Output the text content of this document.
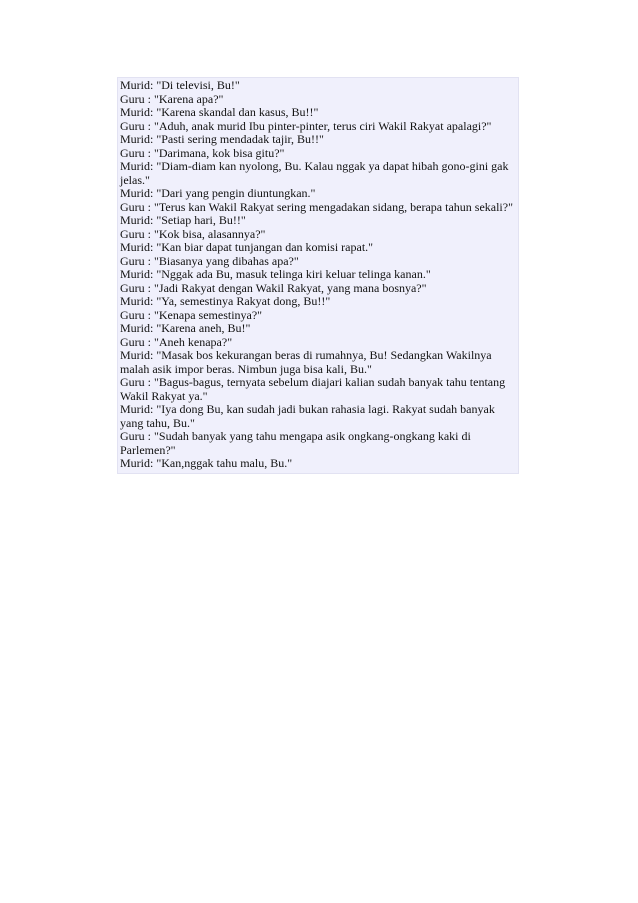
Murid: "Di televisi, Bu!"

Guru : "Karena apa?"

Murid: "Karena skandal dan kasus, Bu!!"

Guru : "Aduh, anak murid Ibu pinter-pinter, terus ciri Wakil Rakyat apalagi?"

Murid: "Pasti sering mendadak tajir, Bu!!"

Guru : "Darimana, kok bisa gitu?"

Murid: "Diam-diam kan nyolong, Bu. Kalau nggak ya dapat hibah gono-gini gak jelas."

Murid: "Dari yang pengin diuntungkan."

Guru : "Terus kan Wakil Rakyat sering mengadakan sidang, berapa tahun sekali?"

Murid: "Setiap hari, Bu!!"

Guru : "Kok bisa, alasannya?"

Murid: "Kan biar dapat tunjangan dan komisi rapat."

Guru : "Biasanya yang dibahas apa?"

Murid: "Nggak ada Bu, masuk telinga kiri keluar telinga kanan."

Guru : "Jadi Rakyat dengan Wakil Rakyat, yang mana bosnya?"

Murid: "Ya, semestinya Rakyat dong, Bu!!"

Guru : "Kenapa semestinya?"

Murid: "Karena aneh, Bu!"

Guru : "Aneh kenapa?"

Murid: "Masak bos kekurangan beras di rumahnya, Bu! Sedangkan Wakilnya malah asik impor beras. Nimbun juga bisa kali, Bu."

Guru : "Bagus-bagus, ternyata sebelum diajari kalian sudah banyak tahu tentang Wakil Rakyat ya."

Murid: "Iya dong Bu, kan sudah jadi bukan rahasia lagi. Rakyat sudah banyak yang tahu, Bu."

Guru : "Sudah banyak yang tahu mengapa asik ongkang-ongkang kaki di Parlemen?"

Murid: "Kan,nggak tahu malu, Bu."
